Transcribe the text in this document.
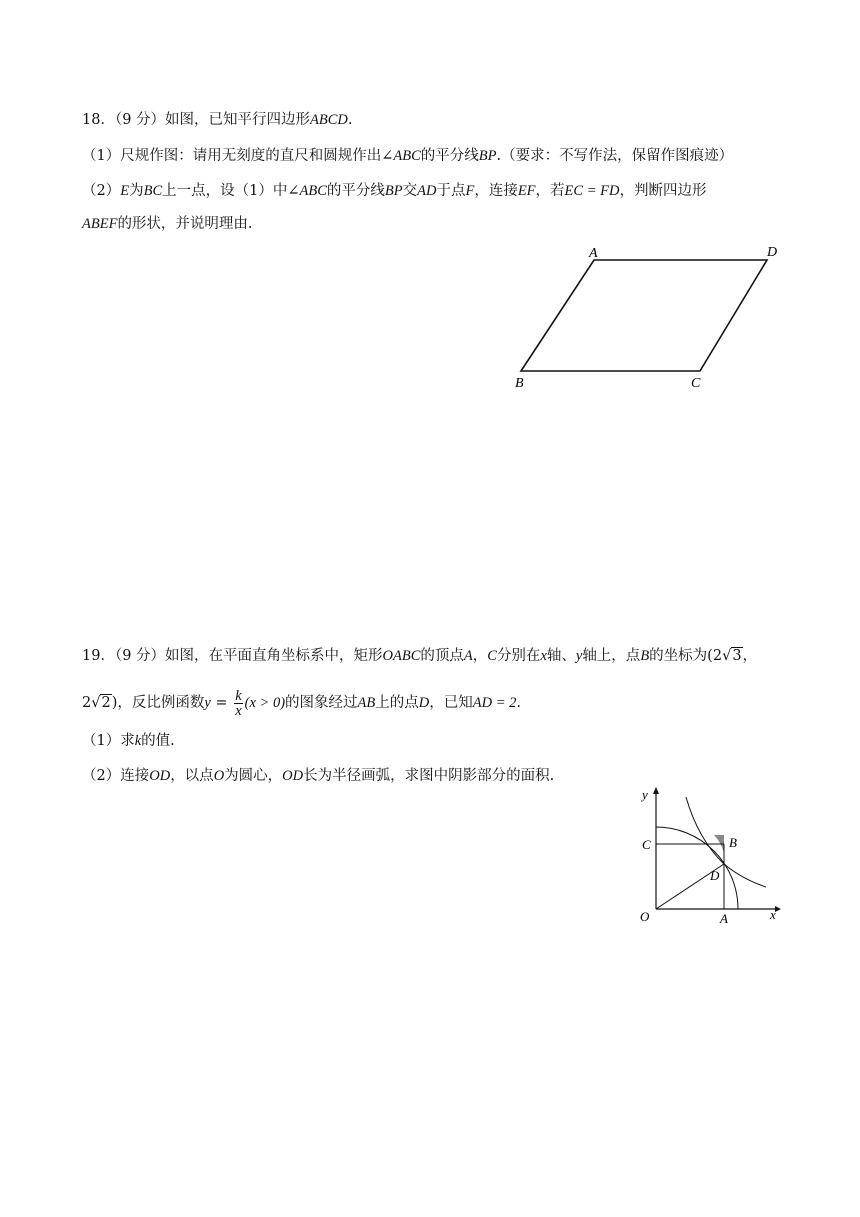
18．（9 分）如图，已知平行四边形ABCD.
（1）尺规作图：请用无刻度的直尺和圆规作出∠ABC的平分线BP.（要求：不写作法，保留作图痕迹）
（2）E为BC上一点，设（1）中∠ABC的平分线BP交AD于点F，连接EF，若EC = FD，判断四边形
ABEF的形状，并说明理由.
A	D
B	C
19．（9 分）如图，在平面直角坐标系中，矩形OABC的顶点A，C分别在x轴、y轴上，点B的坐标为(2√3，
2√2)，反比例函数$y = \frac{k}{x} (x > 0)$的图象经过AB上的点D，已知AD = 2.
（1）求k的值.
（2）连接OD，以点O为圆心，OD长为半径画弧，求图中阴影部分的面积.
y
x
O	A
B
C
D
